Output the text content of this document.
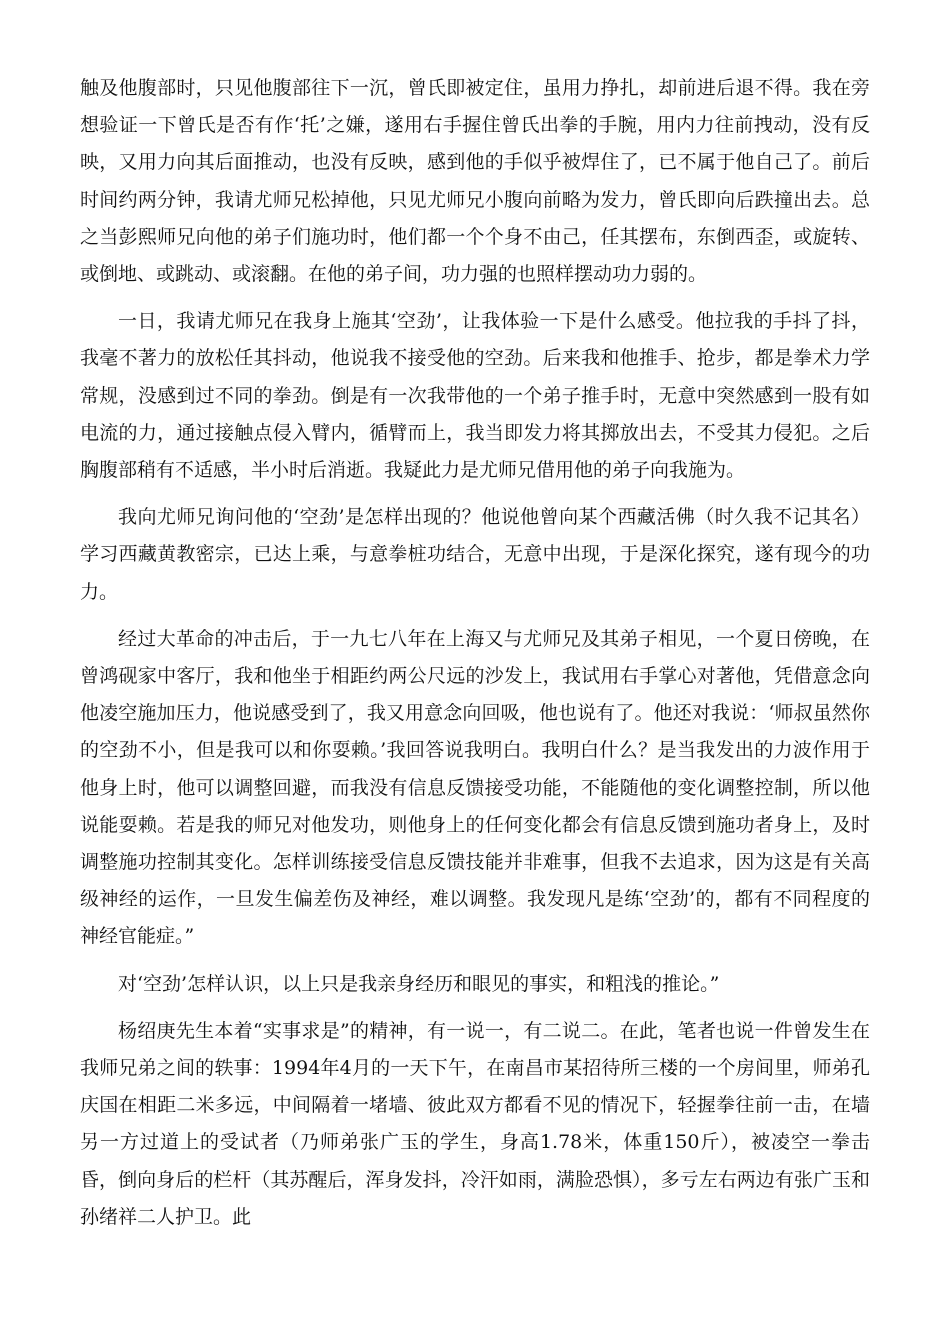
触及他腹部时，只见他腹部往下一沉，曾氏即被定住，虽用力挣扎，却前进后退不得。我在旁想验证一下曾氏是否有作‘托’之嫌，遂用右手握住曾氏出拳的手腕，用内力往前拽动，没有反映，又用力向其后面推动，也没有反映，感到他的手似乎被焊住了，已不属于他自己了。前后时间约两分钟，我请尤师兄松掉他，只见尤师兄小腹向前略为发力，曾氏即向后跌撞出去。总之当彭熙师兄向他的弟子们施功时，他们都一个个身不由己，任其摆布，东倒西歪，或旋转、或倒地、或跳动、或滚翻。在他的弟子间，功力强的也照样摆动功力弱的。

一日，我请尤师兄在我身上施其‘空劲’，让我体验一下是什么感受。他拉我的手抖了抖，我毫不著力的放松任其抖动，他说我不接受他的空劲。后来我和他推手、抢步，都是拳术力学常规，没感到过不同的拳劲。倒是有一次我带他的一个弟子推手时，无意中突然感到一股有如电流的力，通过接触点侵入臂内，循臂而上，我当即发力将其掷放出去，不受其力侵犯。之后胸腹部稍有不适感，半小时后消逝。我疑此力是尤师兄借用他的弟子向我施为。

我向尤师兄询问他的‘空劲’是怎样出现的？他说他曾向某个西藏活佛（时久我不记其名）学习西藏黄教密宗，已达上乘，与意拳桩功结合，无意中出现，于是深化探究，遂有现今的功力。

经过大革命的冲击后，于一九七八年在上海又与尤师兄及其弟子相见，一个夏日傍晚，在曾鸿砚家中客厅，我和他坐于相距约两公尺远的沙发上，我试用右手掌心对著他，凭借意念向他凌空施加压力，他说感受到了，我又用意念向回吸，他也说有了。他还对我说：‘师叔虽然你的空劲不小，但是我可以和你耍赖。’我回答说我明白。我明白什么？是当我发出的力波作用于他身上时，他可以调整回避，而我没有信息反馈接受功能，不能随他的变化调整控制，所以他说能耍赖。若是我的师兄对他发功，则他身上的任何变化都会有信息反馈到施功者身上，及时调整施功控制其变化。怎样训练接受信息反馈技能并非难事，但我不去追求，因为这是有关高级神经的运作，一旦发生偏差伤及神经，难以调整。我发现凡是练‘空劲’的，都有不同程度的神经官能症。”

对‘空劲’怎样认识，以上只是我亲身经历和眼见的事实，和粗浅的推论。”

杨绍庚先生本着“实事求是”的精神，有一说一，有二说二。在此，笔者也说一件曾发生在我师兄弟之间的轶事：1994年4月的一天下午，在南昌市某招待所三楼的一个房间里，师弟孔庆国在相距二米多远，中间隔着一堵墙、彼此双方都看不见的情况下，轻握拳往前一击，在墙另一方过道上的受试者（乃师弟张广玉的学生，身高1.78米，体重150斤），被凌空一拳击昏，倒向身后的栏杆（其苏醒后，浑身发抖，冷汗如雨，满脸恐惧），多亏左右两边有张广玉和孙绪祥二人护卫。此
